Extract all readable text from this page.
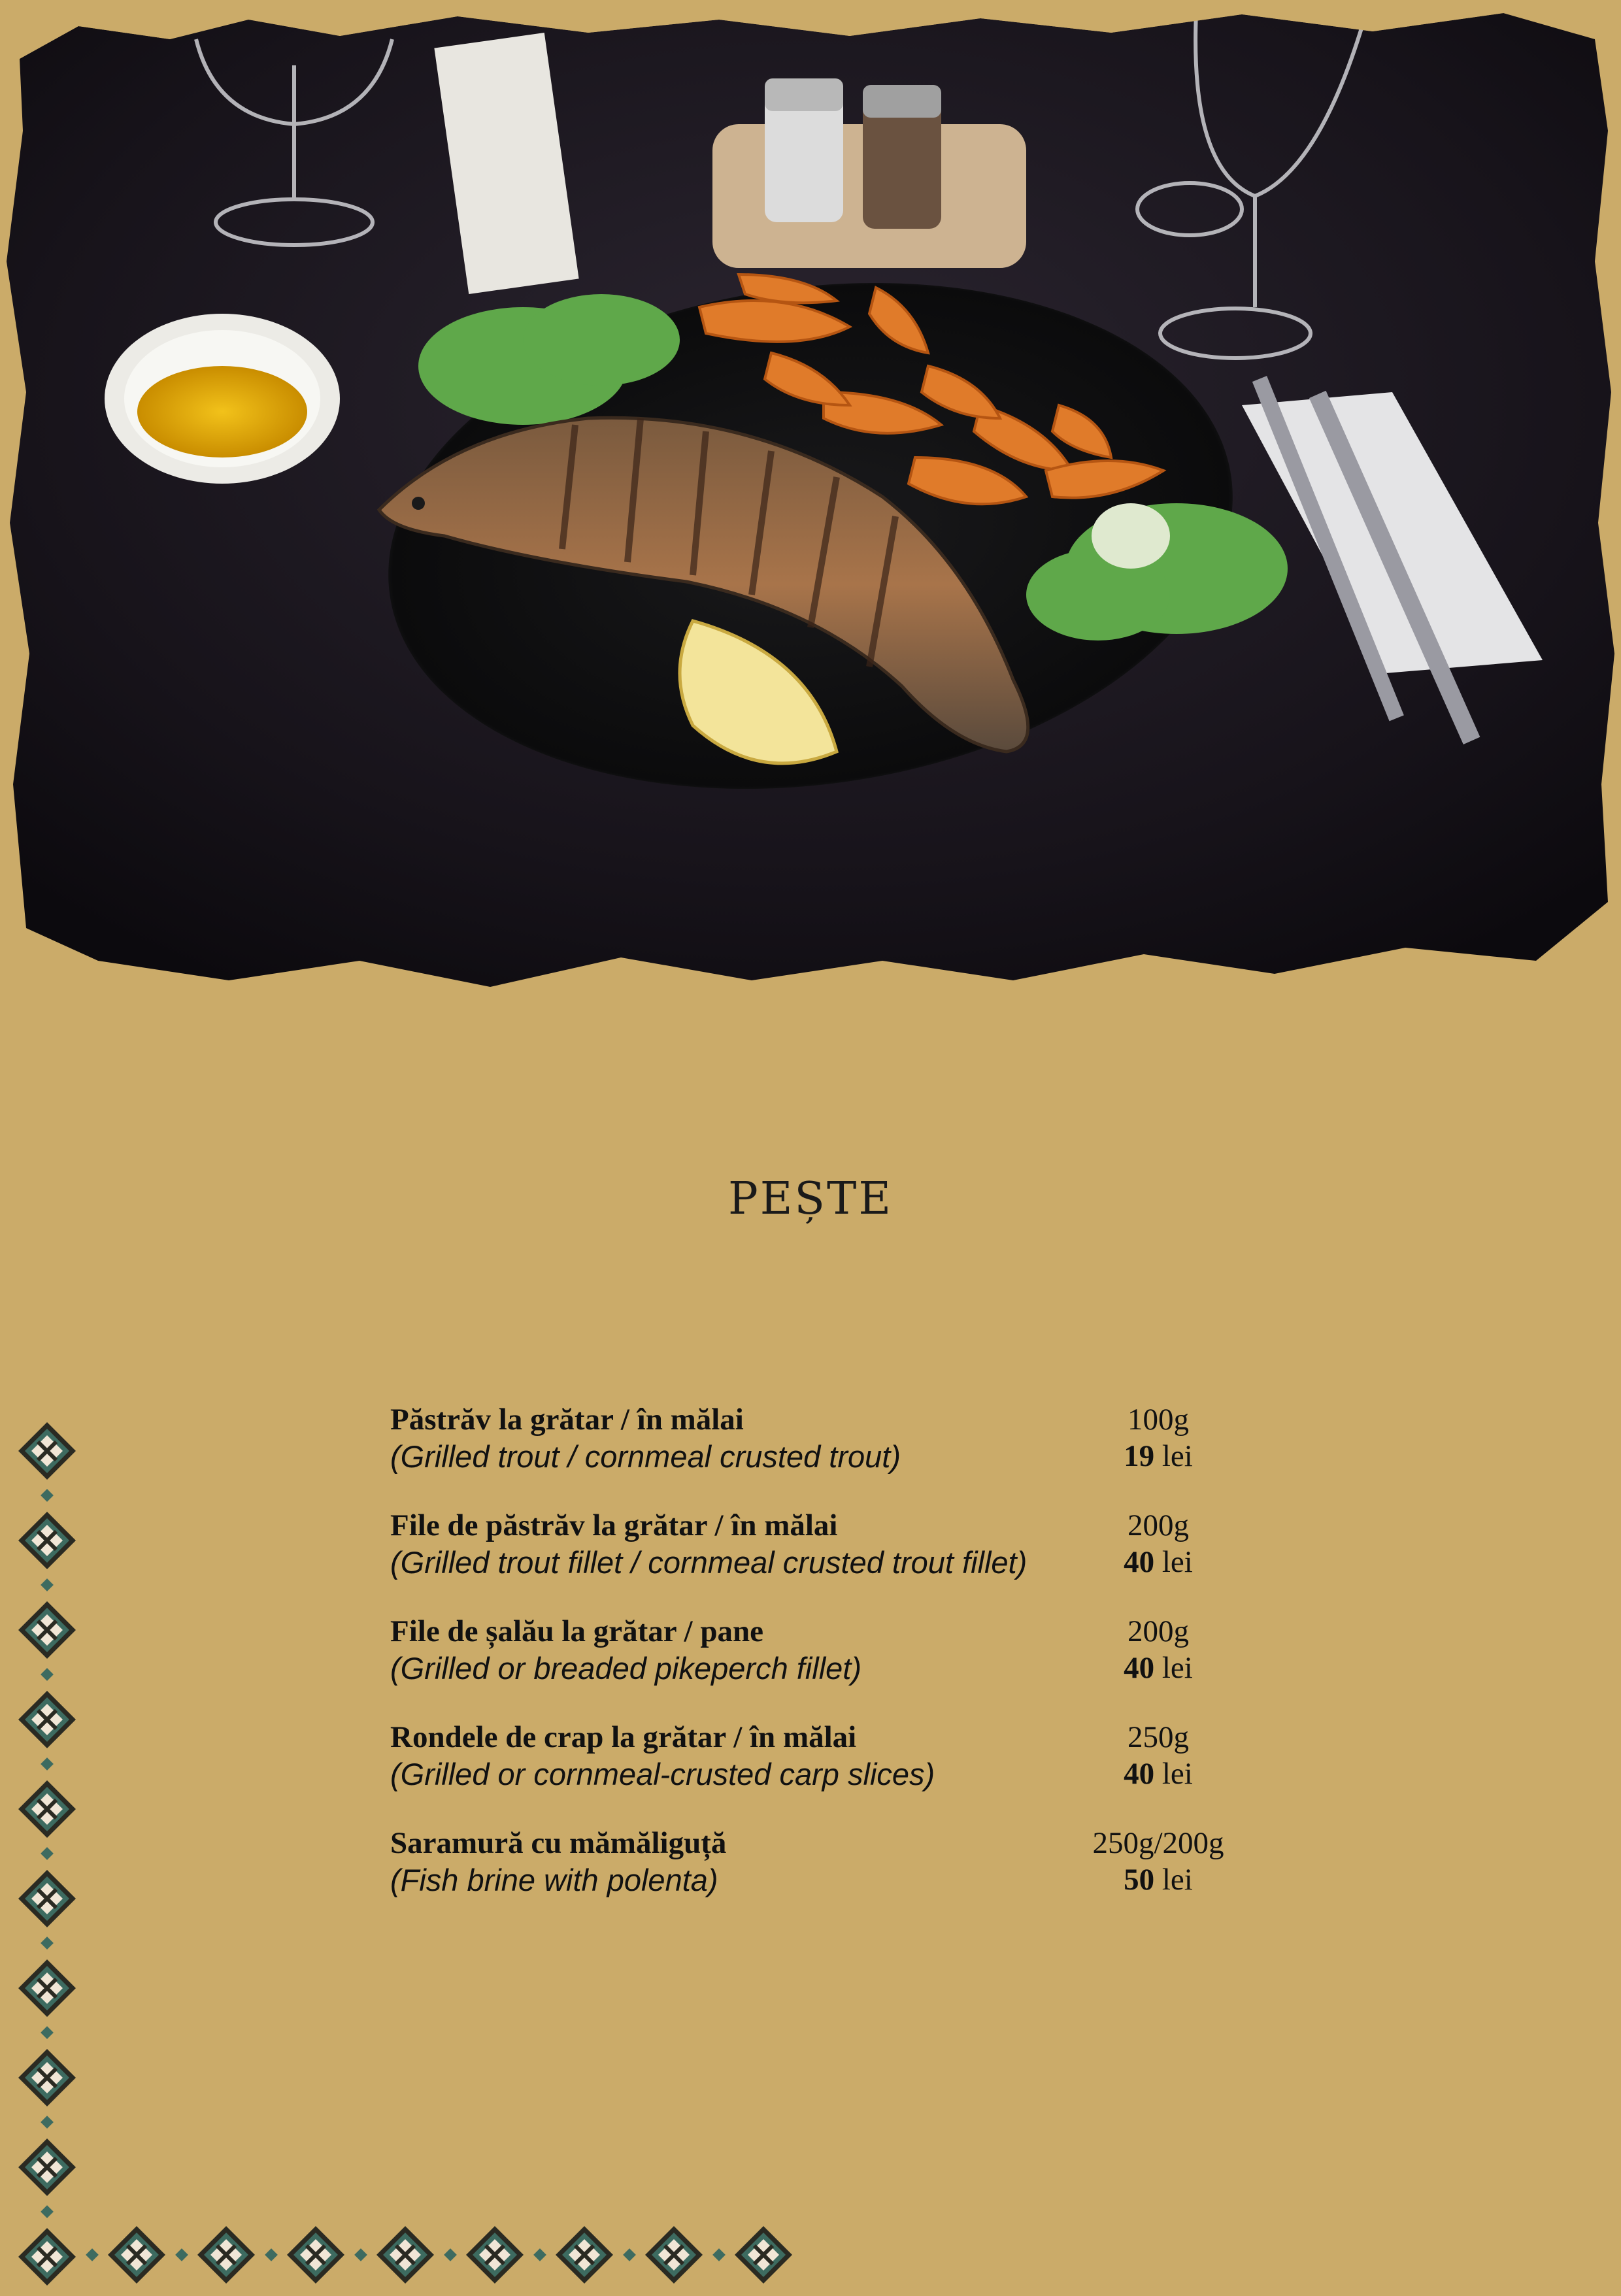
PEȘTE
Păstrăv la grătar / în mălai
(Grilled trout / cornmeal crusted trout)
100g
19 lei
File de păstrăv la grătar / în mălai
(Grilled trout fillet / cornmeal crusted trout fillet)
200g
40 lei
File de șalău la grătar / pane
(Grilled or breaded pikeperch fillet)
200g
40 lei
Rondele de crap la grătar / în mălai
(Grilled or cornmeal-crusted carp slices)
250g
40 lei
Saramură cu mămăliguță
(Fish brine with polenta)
250g/200g
50 lei
